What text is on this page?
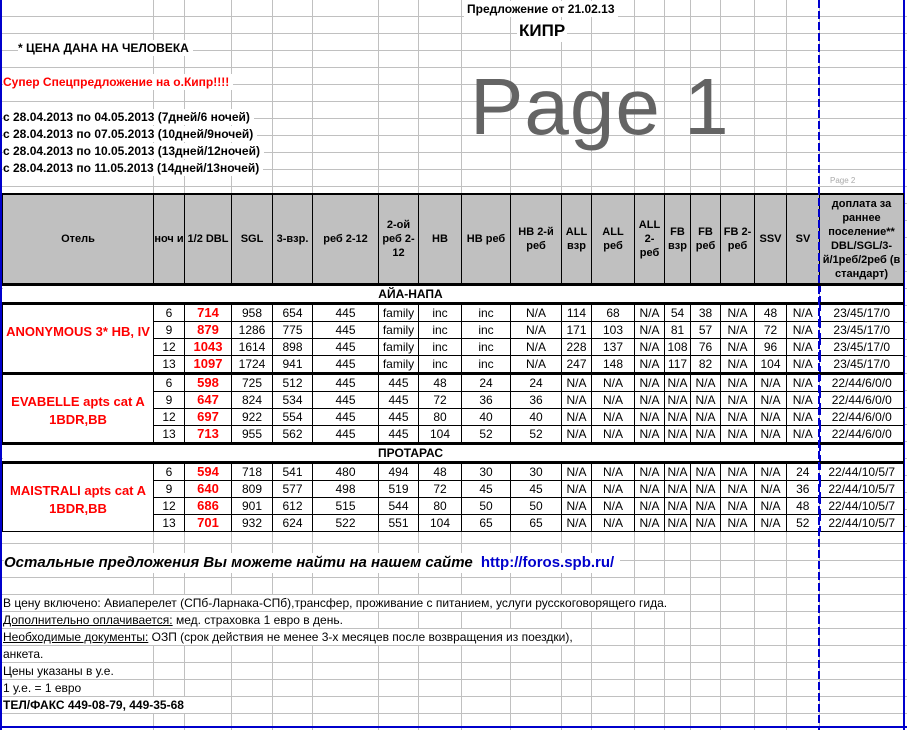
Предложение от 21.02.13
КИПР
* ЦЕНА ДАНА НА ЧЕЛОВЕКА
Супер Спецпредложение на о.Кипр!!!!
с 28.04.2013 по 04.05.2013 (7дней/6 ночей)
с 28.04.2013 по 07.05.2013 (10дней/9ночей)
с 28.04.2013 по 10.05.2013 (13дней/12ночей)
с 28.04.2013 по 11.05.2013 (14дней/13ночей)
Отель	ноч и	1/2 DBL	SGL	3-взр.	реб 2-12	2-ой реб 2-12	HB	HB реб	HB 2-й реб	ALL взр	ALL реб	ALL 2-реб	FB взр	FB реб	FB 2-реб	SSV	SV	доплата за раннее поселение** DBL/SGL/3-й/1реб/2реб (в стандарт)
АЙА-НАПА																		
ANONYMOUS 3* HB, IV	6	714	958	654	445	family	inc	inc	N/A	114	68	N/A	54	38	N/A	48	N/A	23/45/17/0
	9	879	1286	775	445	family	inc	inc	N/A	171	103	N/A	81	57	N/A	72	N/A	23/45/17/0
	12	1043	1614	898	445	family	inc	inc	N/A	228	137	N/A	108	76	N/A	96	N/A	23/45/17/0
	13	1097	1724	941	445	family	inc	inc	N/A	247	148	N/A	117	82	N/A	104	N/A	23/45/17/0
EVABELLE apts cat A 1BDR,BB	6	598	725	512	445	445	48	24	24	N/A	N/A	N/A	N/A	N/A	N/A	N/A	N/A	22/44/6/0/0
	9	647	824	534	445	445	72	36	36	N/A	N/A	N/A	N/A	N/A	N/A	N/A	N/A	22/44/6/0/0
	12	697	922	554	445	445	80	40	40	N/A	N/A	N/A	N/A	N/A	N/A	N/A	N/A	22/44/6/0/0
	13	713	955	562	445	445	104	52	52	N/A	N/A	N/A	N/A	N/A	N/A	N/A	N/A	22/44/6/0/0
ПРОТАРАС																		
MAISTRALI apts cat A 1BDR,BB	6	594	718	541	480	494	48	30	30	N/A	N/A	N/A	N/A	N/A	N/A	N/A	24	22/44/10/5/7
	9	640	809	577	498	519	72	45	45	N/A	N/A	N/A	N/A	N/A	N/A	N/A	36	22/44/10/5/7
	12	686	901	612	515	544	80	50	50	N/A	N/A	N/A	N/A	N/A	N/A	N/A	48	22/44/10/5/7
	13	701	932	624	522	551	104	65	65	N/A	N/A	N/A	N/A	N/A	N/A	N/A	52	22/44/10/5/7
Page 1
Page 2
Остальные предложения Вы можете найти на нашем сайте http://foros.spb.ru/
В цену включено: Авиаперелет (СПб-Ларнака-СПб),трансфер, проживание с питанием, услуги русскоговорящего гида.
Дополнительно оплачивается: мед. страховка 1 евро в день.
Необходимые документы: ОЗП (срок действия не менее 3-х месяцев после возвращения из поездки),
анкета.
Цены указаны в у.е.
1 у.е. = 1 евро
ТЕЛ/ФАКС 449-08-79, 449-35-68
